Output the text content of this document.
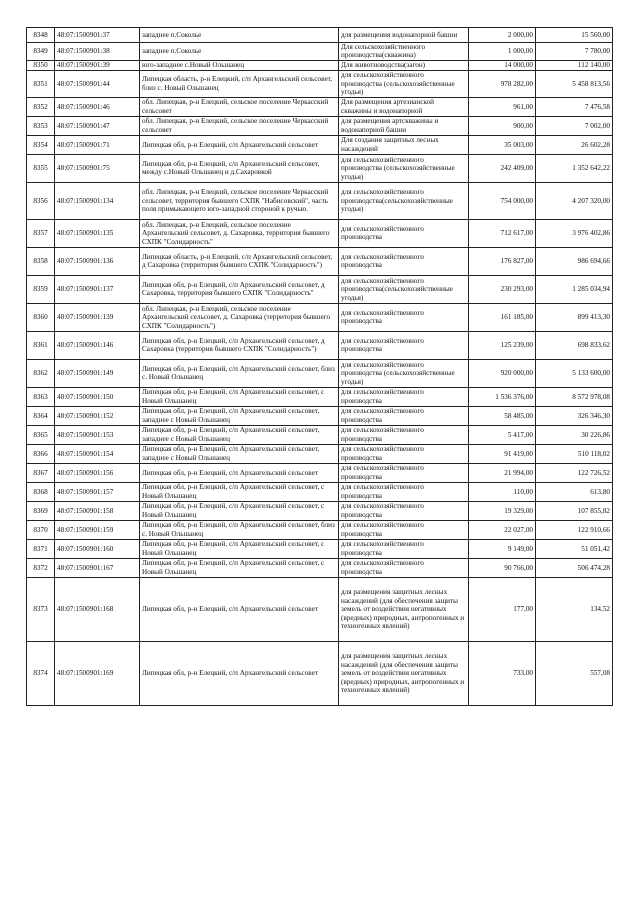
8348	48:07:1500901:37	западнее п.Соколье	для размещения водонапорной башни	2 000,00	15 560,00
8349	48:07:1500901:38	западнее п.Сокольe	Для сельскохозяйственного производства(скважина)	1 000,00	7 780,00
8350	48:07:1500901:39	юго-западнее с.Новый Ольшанец	Для животноводства(загон)	14 000,00	112 140,00
8351	48:07:1500901:44	Липецкая область, р-н Елецкий, с/п Архангельский сельсовет, близ с. Новый Ольшанец	для сельскохозяйственного производства (сельскохозяйственные угодья)	978 282,00	5 458 813,56
8352	48:07:1500901:46	обл. Липецкая, р-н Елецкий, сельское поселение Черкасский сельсовет	Для размещения артезианской скважины и водонапорной	961,00	7 476,58
8353	48:07:1500901:47	обл. Липецкая, р-н Елецкий, сельское поселение Черкасский сельсовет	для размещения артскважины и водонапорной башни	900,00	7 002,00
8354	48:07:1500901:71	Липецкая обл, р-н Елецкий, с/п Архангельский сельсовет	Для создания защитных лесных насаждений	35 003,00	26 602,28
8355	48:07:1500901:75	Липецкая обл, р-н Елецкий, с/п Архангельский сельсовет, между с.Новый Ольшанец и д.Сахаровкой	для сельскохозяйственного производства (сельскохозяйственные угодья)	242 409,00	1 352 642,22
8356	48:07:1500901:134	обл. Липецкая, р-н Елецкий, сельское поселение Черкасский сельсовет, территория бывшего СХПК "Набисовский", часть поля примыкающего юго-западной стороной к ручью.	для сельскохозяйственного производства(сельскохозяйственные угодья)	754 000,00	4 207 320,00
8357	48:07:1500901:135	обл. Липецкая, р-н Елецкий, сельское поселение Архангельский сельсовет, д. Сахаровка, территория бывшего СХПК "Солидарность"	для сельскохозяйственного производства	712 617,00	3 976 402,86
8358	48:07:1500901:136	Липецкая область, р-н Елецкий, с/п Архангельский сельсовет, д Сахаровка (территория бывшего СХПК "Солидарность")	для сельскохозяйственного производства	176 827,00	986 694,66
8359	48:07:1500901:137	Липецкая обл, р-н Елецкий, с/п Архангельский сельсовет, д Сахаровка, территория бывшего СХПК "Солидарность"	для сельскохозяйственного производства(сельскохозяйственные угодья)	230 293,00	1 285 034,94
8360	48:07:1500901:139	обл. Липецкая, р-н Елецкий, сельское поселение Архангельский сельсовет, д. Сахаровка (территория бывшего СХПК "Солидарность")	для сельскохозяйственного производства	161 185,00	899 413,30
8361	48:07:1500901:146	Липецкая обл, р-н Елецкий, с/п Архангельский сельсовет, д Сахаровка (территория бывшего СХПК "Солидарность")	для сельскохозяйственного производства	125 239,00	698 833,62
8362	48:07:1500901:149	Липецкая обл, р-н Елецкий, с/п Архангельский сельсовет, близ с. Новый Ольшанец	для сельскохозяйственного производства (сельскохозяйственные угодья)	920 000,00	5 133 600,00
8363	48:07:1500901:150	Липецкая обл, р-н Елецкий, с/п Архангельский сельсовет, с Новый Ольшанец	для сельскохозяйственного производства	1 536 376,00	8 572 978,08
8364	48:07:1500901:152	Липецкая обл, р-н Елецкий, с/п Архангельский сельсовет, западнее с Новый Ольшанец	для сельскохозяйственного производства	58 485,00	326 346,30
8365	48:07:1500901:153	Липецкая обл, р-н Елецкий, с/п Архангельский сельсовет, западнее с Новый Ольшанец	для сельскохозяйственного производства	5 417,00	30 226,86
8366	48:07:1500901:154	Липецкая обл, р-н Елецкий, с/п Архангельский сельсовет, западнее с Новый Ольшанец	для сельскохозяйственного производства	91 419,00	510 118,02
8367	48:07:1500901:156	Липецкая обл, р-н Елецкий, с/п Архангельский сельсовет	для сельскохозяйственного производства	21 994,00	122 726,52
8368	48:07:1500901:157	Липецкая обл, р-н Елецкий, с/п Архангельский сельсовет, с Новый Ольшанец	для сельскохозяйственного производства	110,00	613,80
8369	48:07:1500901:158	Липецкая обл, р-н Елецкий, с/п Архангельский сельсовет, с Новый Ольшанец	для сельскохозяйственного производства	19 329,00	107 855,82
8370	48:07:1500901:159	Липецкая обл, р-н Елецкий, с/п Архангельский сельсовет, близ с. Новый Ольшанец	для сельскохозяйственного производства	22 027,00	122 910,66
8371	48:07:1500901:160	Липецкая обл, р-н Елецкий, с/п Архангельский сельсовет, с Новый Ольшанец	для сельскохозяйственного производства	9 149,00	51 051,42
8372	48:07:1500901:167	Липецкая обл, р-н Елецкий, с/п Архангельский сельсовет, с Новый Ольшанец	для сельскохозяйственного производства	90 766,00	506 474,28
8373	48:07:1500901:168	Липецкая обл, р-н Елецкий, с/п Архангельский сельсовет	для размещения защитных лесных насаждений (для обеспечения защиты земель от воздействия негативных (вредных) природных, антропогенных и техногенных явлений)	177,00	134,52
8374	48:07:1500901:169	Липецкая обл, р-н Елецкий, с/п Архангельский сельсовет	для размещения защитных лесных насаждений (для обеспечения защиты земель от воздействия негативных (вредных) природных, антропогенных и техногенных явлений)	733,00	557,08
